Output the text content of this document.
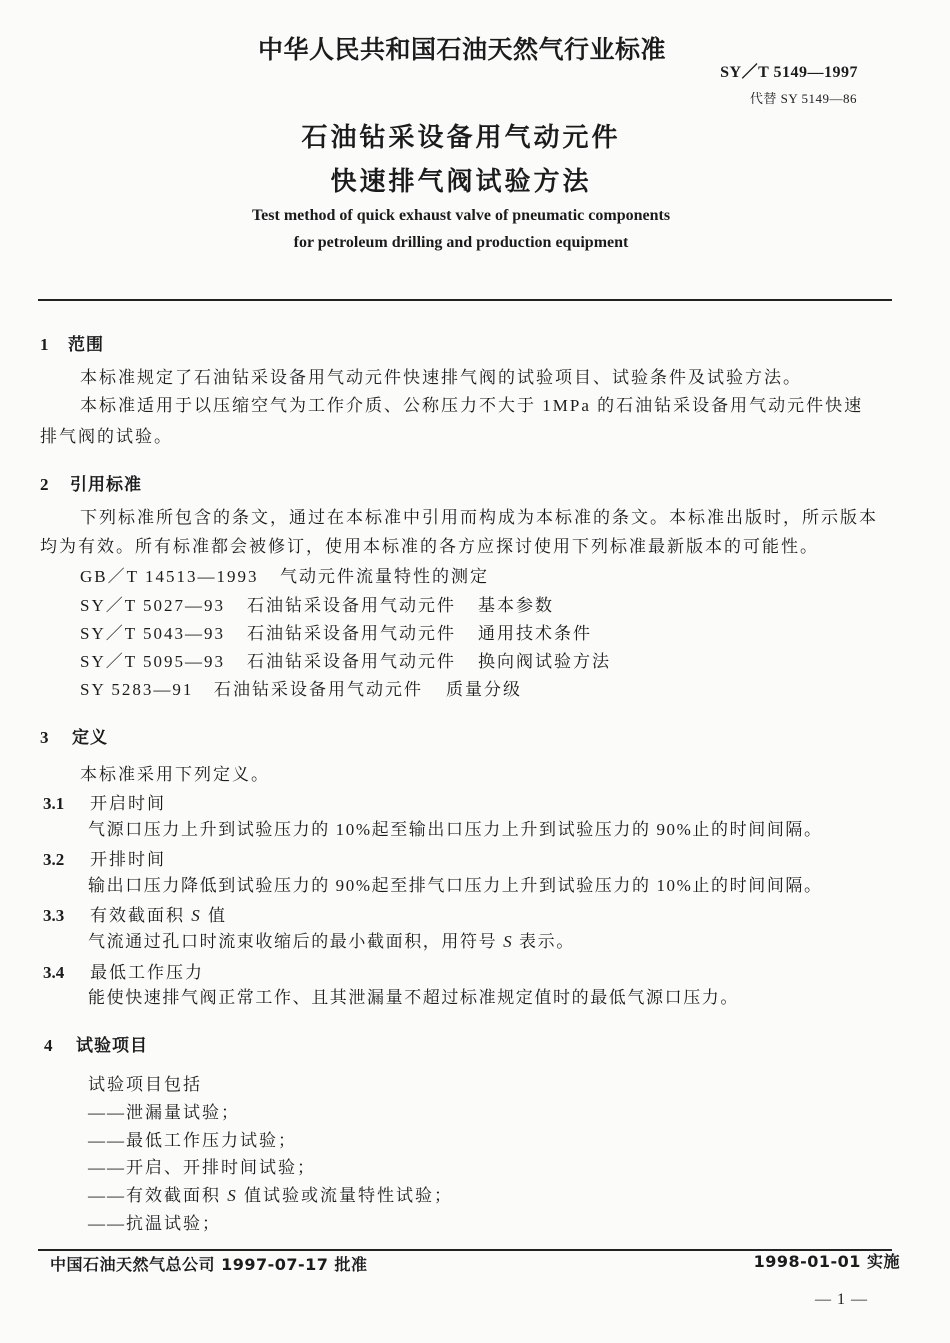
中华人民共和国石油天然气行业标准
SY／T 5149—1997
代替 SY 5149—86
石油钻采设备用气动元件
快速排气阀试验方法
Test method of quick exhaust valve of pneumatic components
for petroleum drilling and production equipment
1 范围
本标准规定了石油钻采设备用气动元件快速排气阀的试验项目、试验条件及试验方法。
本标准适用于以压缩空气为工作介质、公称压力不大于 1MPa 的石油钻采设备用气动元件快速
排气阀的试验。
2 引用标准
下列标准所包含的条文，通过在本标准中引用而构成为本标准的条文。本标准出版时，所示版本
均为有效。所有标准都会被修订，使用本标准的各方应探讨使用下列标准最新版本的可能性。
GB／T 14513—1993 气动元件流量特性的测定
SY／T 5027—93 石油钻采设备用气动元件 基本参数
SY／T 5043—93 石油钻采设备用气动元件 通用技术条件
SY／T 5095—93 石油钻采设备用气动元件 换向阀试验方法
SY 5283—91 石油钻采设备用气动元件 质量分级
3 定义
本标准采用下列定义。
3.1 开启时间
气源口压力上升到试验压力的 10%起至输出口压力上升到试验压力的 90%止的时间间隔。
3.2 开排时间
输出口压力降低到试验压力的 90%起至排气口压力上升到试验压力的 10%止的时间间隔。
3.3 有效截面积 S 值
气流通过孔口时流束收缩后的最小截面积，用符号 S 表示。
3.4 最低工作压力
能使快速排气阀正常工作、且其泄漏量不超过标准规定值时的最低气源口压力。
4 试验项目
试验项目包括
——泄漏量试验；
——最低工作压力试验；
——开启、开排时间试验；
——有效截面积 S 值试验或流量特性试验；
——抗温试验；
中国石油天然气总公司 1997-07-17 批准	1998-01-01 实施
— 1 —
